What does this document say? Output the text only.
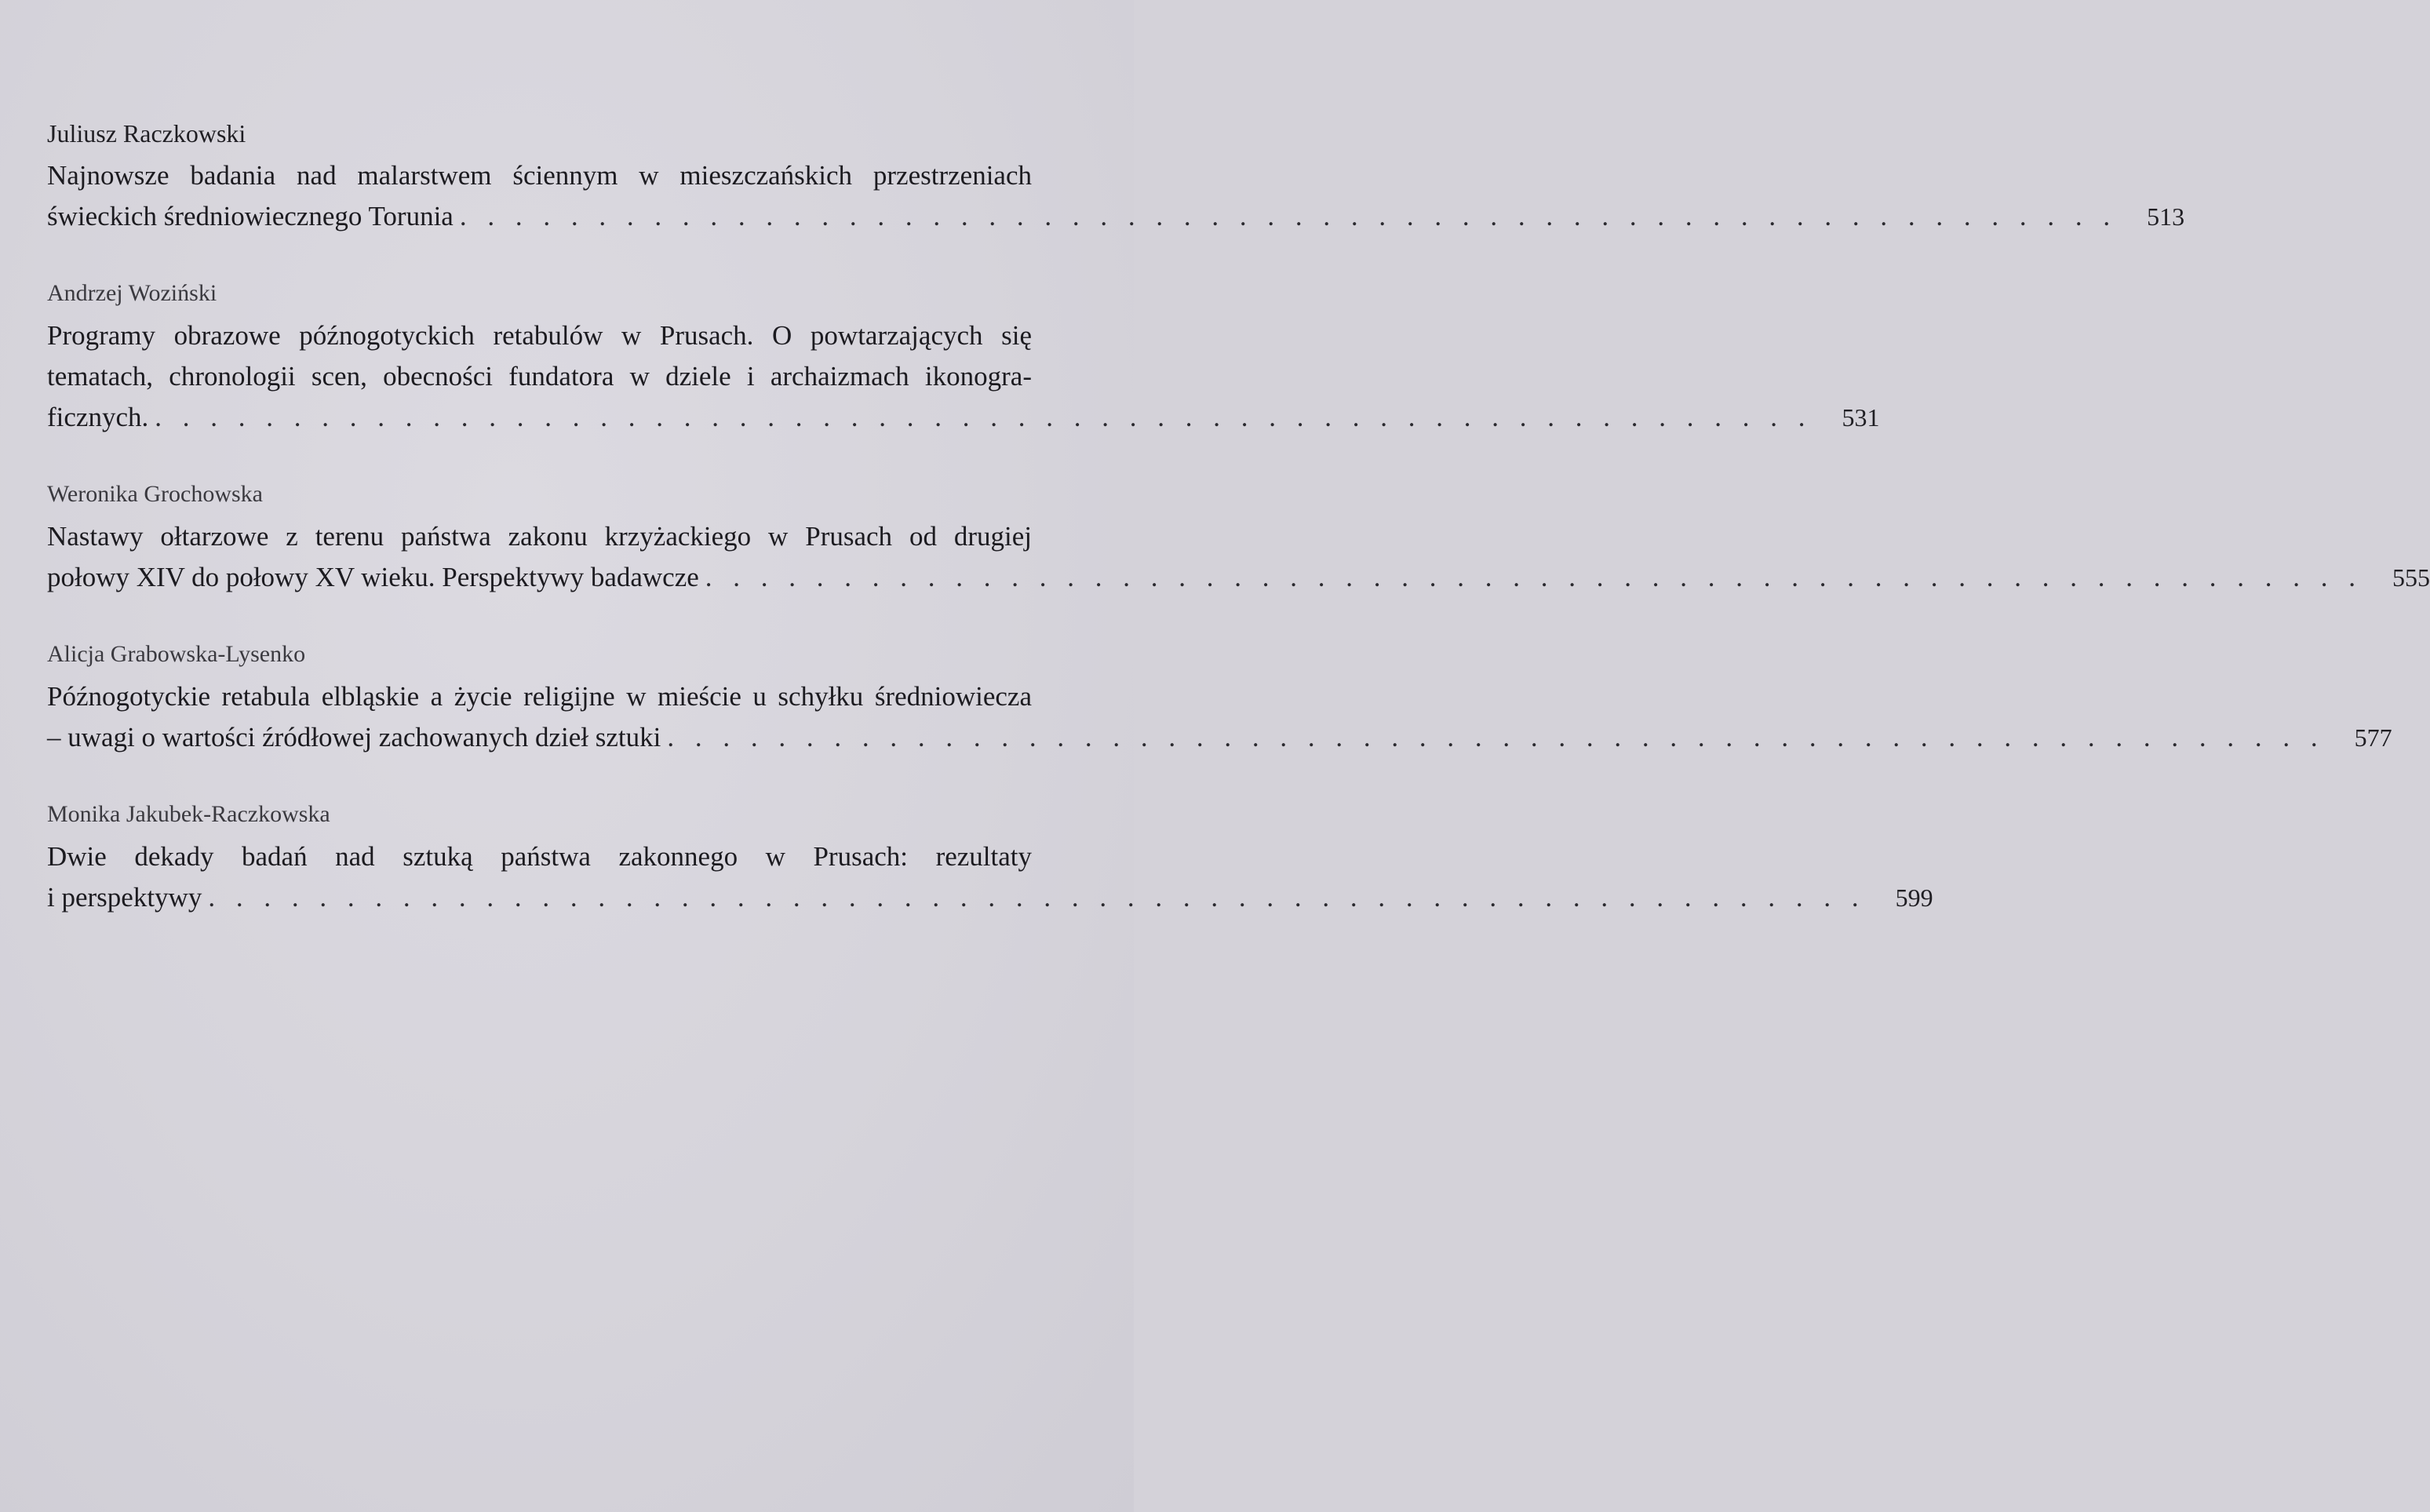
Juliusz Raczkowski
Najnowsze badania nad malarstwem ściennym w mieszczańskich przestrzeniach
świeckich średniowiecznego Torunia . . . . . . . . . . . . . . . . . . . . . . . . . . . . . . . . . . . . . . . . . . . . . . . . . . . . . . . . . . . . 513
Andrzej Woziński
Programy obrazowe późnogotyckich retabulów w Prusach. O powtarzających się
tematach, chronologii scen, obecności fundatora w dziele i archaizmach ikonogra-
ficznych. . . . . . . . . . . . . . . . . . . . . . . . . . . . . . . . . . . . . . . . . . . . . . . . . . . . . . . . . . . . . 531
Weronika Grochowska
Nastawy ołtarzowe z terenu państwa zakonu krzyżackiego w Prusach od drugiej
połowy XIV do połowy XV wieku. Perspektywy badawcze . . . . . . . . . . . . . . . . . . . . . . . . . . . . . . . . . . . . . . . . . . . . . . . . . . . . . . . . . . . . 555
Alicja Grabowska-Lysenko
Późnogotyckie retabula elbląskie a życie religijne w mieście u schyłku średniowiecza
– uwagi o wartości źródłowej zachowanych dzieł sztuki . . . . . . . . . . . . . . . . . . . . . . . . . . . . . . . . . . . . . . . . . . . . . . . . . . . . . . . . . . . . 577
Monika Jakubek-Raczkowska
Dwie dekady badań nad sztuką państwa zakonnego w Prusach: rezultaty
i perspektywy . . . . . . . . . . . . . . . . . . . . . . . . . . . . . . . . . . . . . . . . . . . . . . . . . . . . . . . . . . . . 599
